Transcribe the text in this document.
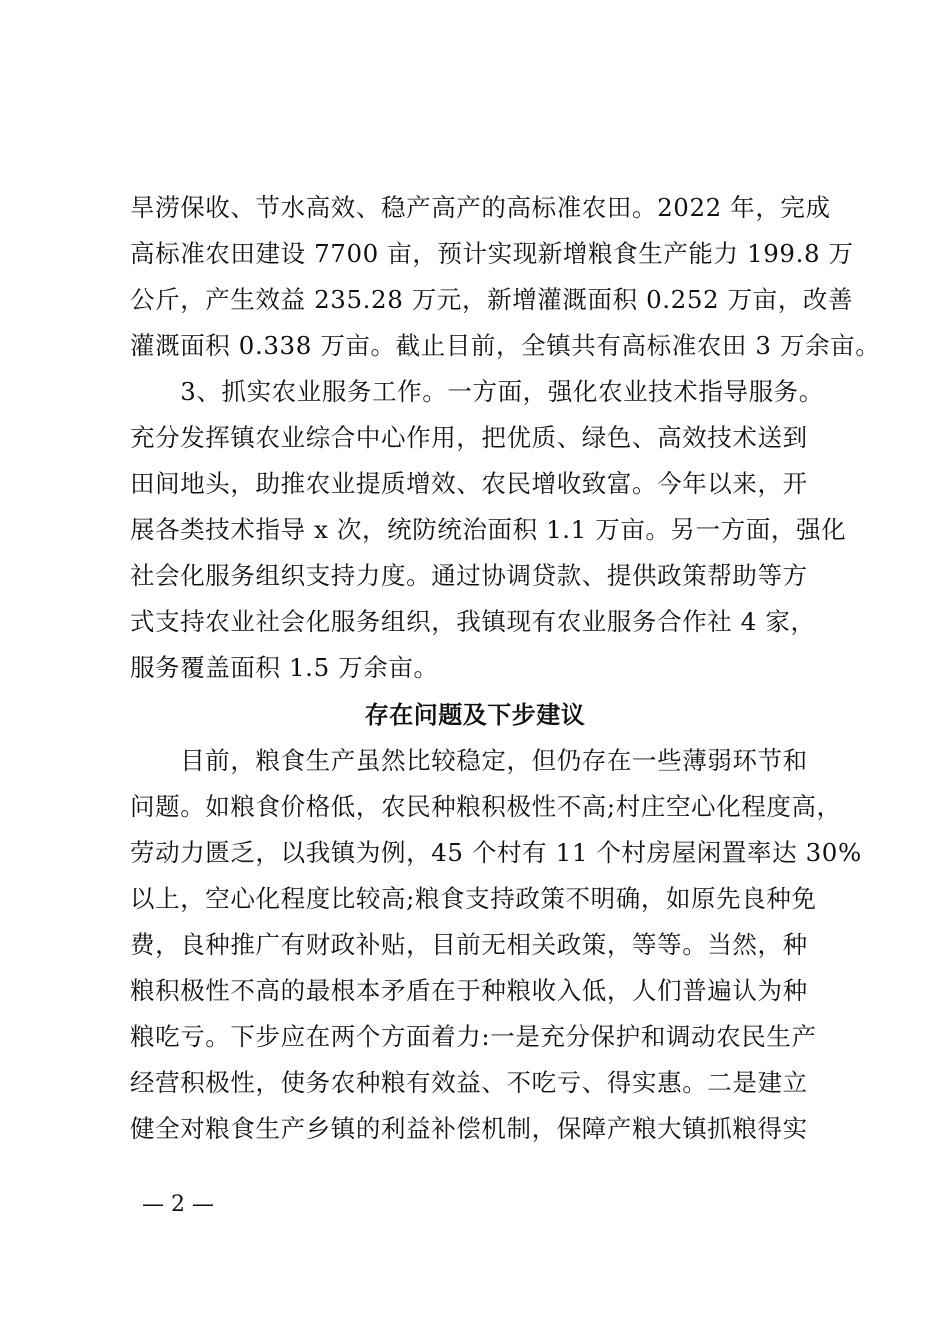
旱涝保收、节水高效、稳产高产的高标准农田。2022 年，完成
高标准农田建设 7700 亩，预计实现新增粮食生产能力 199.8 万
公斤，产生效益 235.28 万元，新增灌溉面积 0.252 万亩，改善
灌溉面积 0.338 万亩。截止目前，全镇共有高标准农田 3 万余亩。
　　3、抓实农业服务工作。一方面，强化农业技术指导服务。
充分发挥镇农业综合中心作用，把优质、绿色、高效技术送到
田间地头，助推农业提质增效、农民增收致富。今年以来，开
展各类技术指导 x 次，统防统治面积 1.1 万亩。另一方面，强化
社会化服务组织支持力度。通过协调贷款、提供政策帮助等方
式支持农业社会化服务组织，我镇现有农业服务合作社 4 家，
服务覆盖面积 1.5 万余亩。
存在问题及下步建议
　　目前，粮食生产虽然比较稳定，但仍存在一些薄弱环节和
问题。如粮食价格低，农民种粮积极性不高;村庄空心化程度高，
劳动力匮乏，以我镇为例，45 个村有 11 个村房屋闲置率达 30%
以上，空心化程度比较高;粮食支持政策不明确，如原先良种免
费，良种推广有财政补贴，目前无相关政策，等等。当然，种
粮积极性不高的最根本矛盾在于种粮收入低，人们普遍认为种
粮吃亏。下步应在两个方面着力:一是充分保护和调动农民生产
经营积极性，使务农种粮有效益、不吃亏、得实惠。二是建立
健全对粮食生产乡镇的利益补偿机制，保障产粮大镇抓粮得实
— 2 —
